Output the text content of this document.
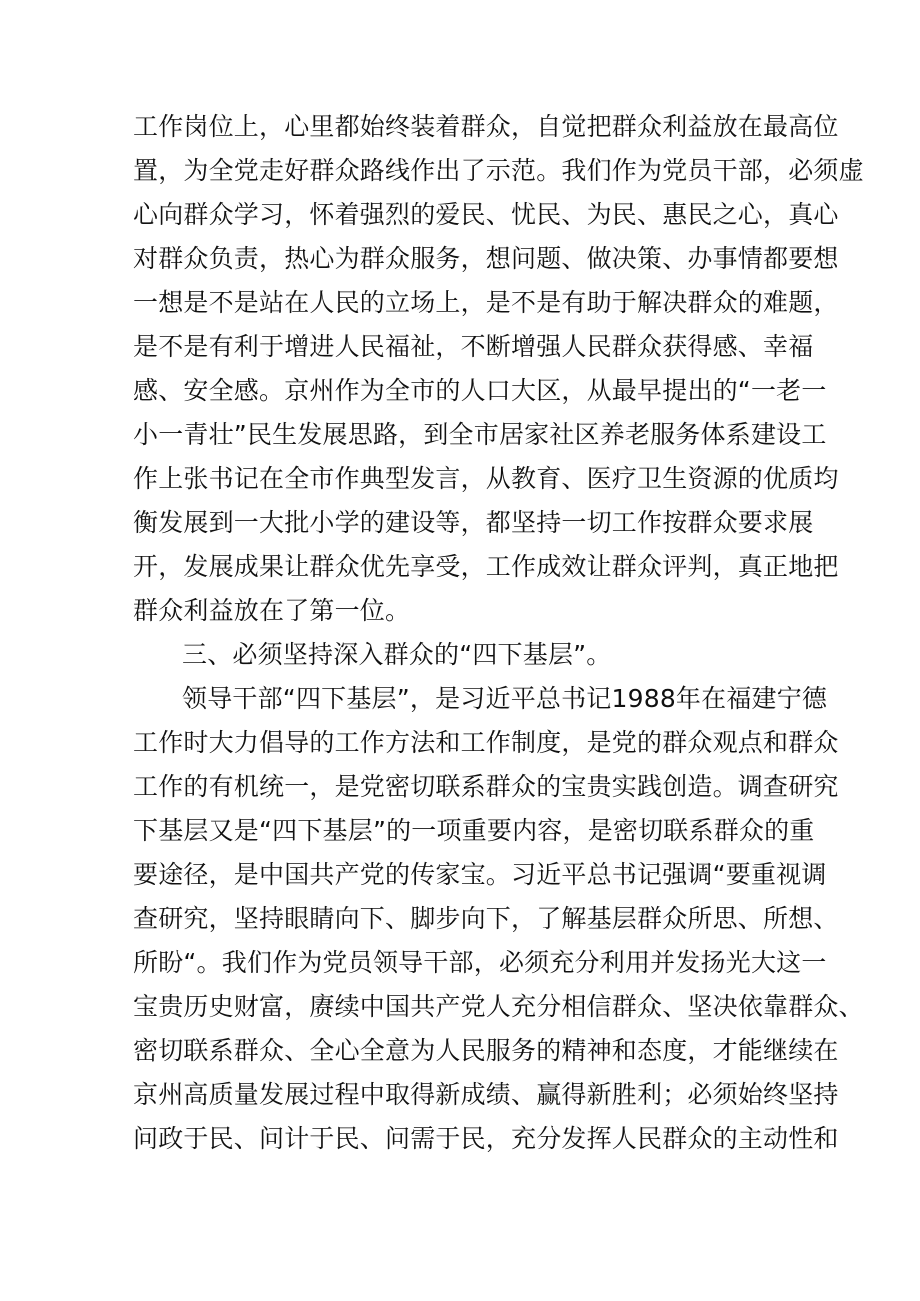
工作岗位上，心里都始终装着群众，自觉把群众利益放在最高位
置，为全党走好群众路线作出了示范。我们作为党员干部，必须虚
心向群众学习，怀着强烈的爱民、忧民、为民、惠民之心，真心
对群众负责，热心为群众服务，想问题、做决策、办事情都要想
一想是不是站在人民的立场上，是不是有助于解决群众的难题，
是不是有利于增进人民福祉，不断增强人民群众获得感、幸福
感、安全感。京州作为全市的人口大区，从最早提出的“一老一
小一青壮”民生发展思路，到全市居家社区养老服务体系建设工
作上张书记在全市作典型发言，从教育、医疗卫生资源的优质均
衡发展到一大批小学的建设等，都坚持一切工作按群众要求展
开，发展成果让群众优先享受，工作成效让群众评判，真正地把
群众利益放在了第一位。
三、必须坚持深入群众的“四下基层”。
领导干部“四下基层”，是习近平总书记1988年在福建宁德
工作时大力倡导的工作方法和工作制度，是党的群众观点和群众
工作的有机统一，是党密切联系群众的宝贵实践创造。调查研究
下基层又是“四下基层”的一项重要内容，是密切联系群众的重
要途径，是中国共产党的传家宝。习近平总书记强调“要重视调
查研究，坚持眼睛向下、脚步向下，了解基层群众所思、所想、
所盼“。我们作为党员领导干部，必须充分利用并发扬光大这一
宝贵历史财富，赓续中国共产党人充分相信群众、坚决依靠群众、
密切联系群众、全心全意为人民服务的精神和态度，才能继续在
京州高质量发展过程中取得新成绩、赢得新胜利；必须始终坚持
问政于民、问计于民、问需于民，充分发挥人民群众的主动性和
